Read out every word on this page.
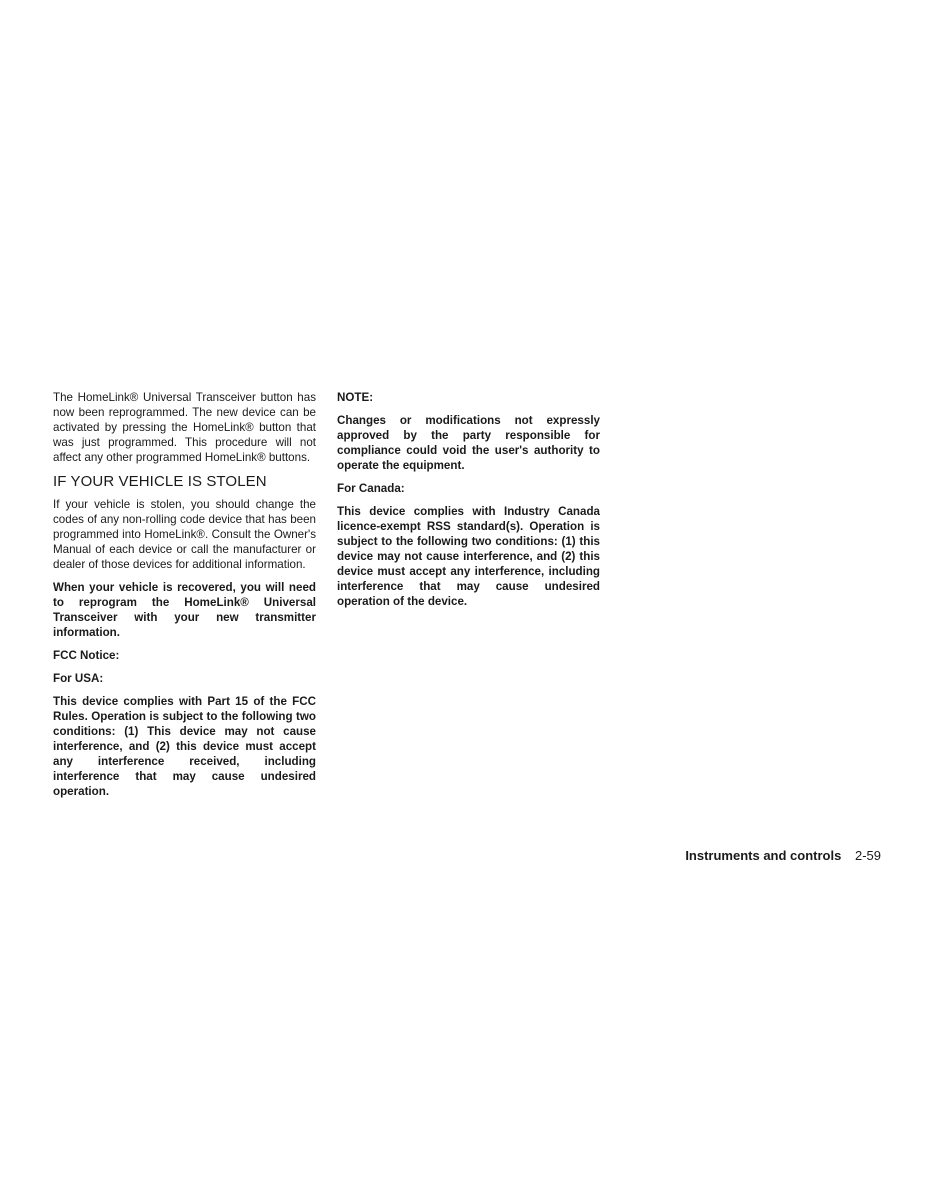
The HomeLink® Universal Transceiver button has now been reprogrammed. The new device can be activated by pressing the HomeLink® button that was just programmed. This procedure will not affect any other programmed HomeLink® buttons.

IF YOUR VEHICLE IS STOLEN

If your vehicle is stolen, you should change the codes of any non-rolling code device that has been programmed into HomeLink®. Consult the Owner's Manual of each device or call the manufacturer or dealer of those devices for additional information.

When your vehicle is recovered, you will need to reprogram the HomeLink® Universal Transceiver with your new transmitter information.

FCC Notice:

For USA:

This device complies with Part 15 of the FCC Rules. Operation is subject to the following two conditions: (1) This device may not cause interference, and (2) this device must accept any interference received, including interference that may cause undesired operation.

NOTE:

Changes or modifications not expressly approved by the party responsible for compliance could void the user's authority to operate the equipment.

For Canada:

This device complies with Industry Canada licence-exempt RSS standard(s). Operation is subject to the following two conditions: (1) this device may not cause interference, and (2) this device must accept any interference, including interference that may cause undesired operation of the device.

Instruments and controls 2-59
